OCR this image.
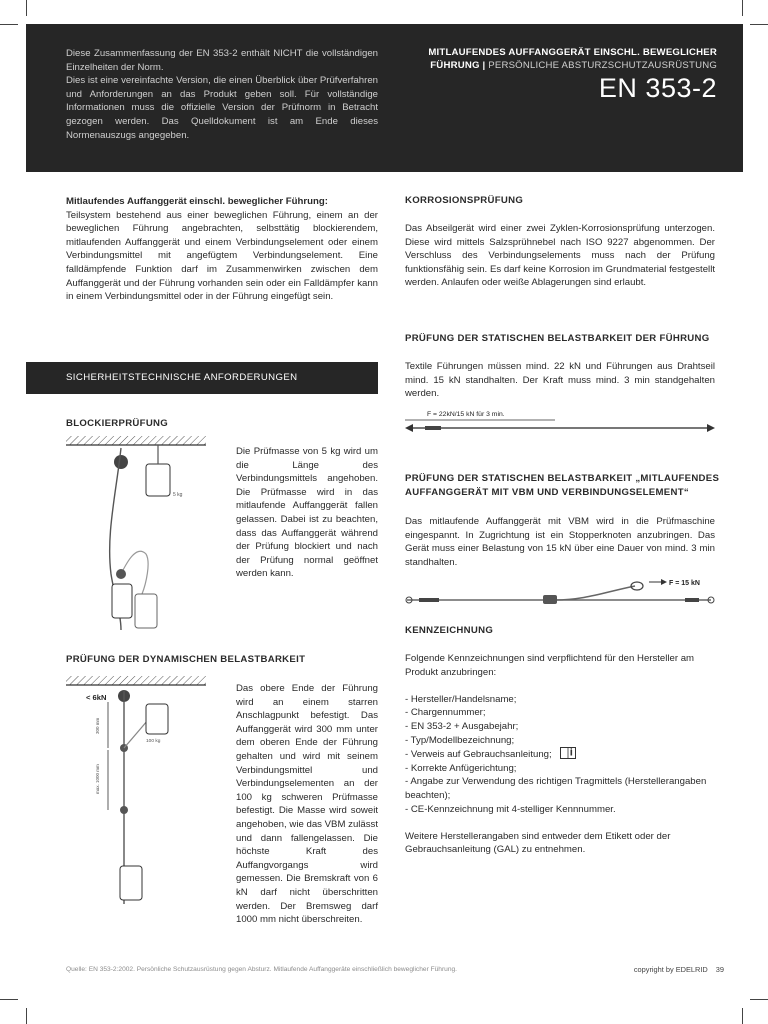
Diese Zusammenfassung der EN 353-2 enthält NICHT die vollständigen Einzelheiten der Norm.

Dies ist eine vereinfachte Version, die einen Überblick über Prüfverfahren und Anforderungen an das Produkt geben soll. Für vollständige Informationen muss die offizielle Version der Prüfnorm in Betracht gezogen werden. Das Quelldokument ist am Ende dieses Normenauszugs angegeben.

MITLAUFENDES AUFFANGGERÄT EINSCHL. BEWEGLICHER FÜHRUNG | PERSÖNLICHE ABSTURZSCHUTZAUSRÜSTUNG
EN 353-2
Mitlaufendes Auffanggerät einschl. beweglicher Führung:
Teilsystem bestehend aus einer beweglichen Führung, einem an der beweglichen Führung angebrachten, selbsttätig blockierendem, mitlaufenden Auffanggerät und einem Verbindungselement oder einem Verbindungsmittel mit angefügtem Verbindungselement. Eine falldämpfende Funktion darf im Zusammenwirken zwischen dem Auffanggerät und der Führung vorhanden sein oder ein Falldämpfer kann in einem Verbindungsmittel oder in der Führung eingefügt sein.
SICHERHEITSTECHNISCHE ANFORDERUNGEN
BLOCKIERPRÜFUNG
5 kg
Die Prüfmasse von 5 kg wird um die Länge des Verbindungsmittels angehoben. Die Prüfmasse wird in das mitlaufende Auffanggerät fallen gelassen. Dabei ist zu beachten, dass das Auffanggerät während der Prüfung blockiert und nach der Prüfung normal geöffnet werden kann.
PRÜFUNG DER DYNAMISCHEN BELASTBARKEIT
< 6kN
300 mm
max. 1000 mm
100 kg
Das obere Ende der Führung wird an einem starren Anschlagpunkt befestigt. Das Auffanggerät wird 300 mm unter dem oberen Ende der Führung gehalten und wird mit seinem Verbindungsmittel und Verbindungselementen an der 100 kg schweren Prüfmasse befestigt. Die Masse wird soweit angehoben, wie das VBM zulässt und dann fallengelassen. Die höchste Kraft des Auffangvorgangs wird gemessen. Die Bremskraft von 6 kN darf nicht überschritten werden. Der Bremsweg darf 1000 mm nicht überschreiten.
KORROSIONSPRÜFUNG
Das Abseilgerät wird einer zwei Zyklen-Korrosionsprüfung unterzogen. Diese wird mittels Salzsprühnebel nach ISO 9227 abgenommen. Der Verschluss des Verbindungselements muss nach der Prüfung funktionsfähig sein. Es darf keine Korrosion im Grundmaterial festgestellt werden. Anlaufen oder weiße Ablagerungen sind erlaubt.
PRÜFUNG DER STATISCHEN BELASTBARKEIT DER FÜHRUNG
Textile Führungen müssen mind. 22 kN und Führungen aus Drahtseil mind. 15 kN standhalten. Der Kraft muss mind. 3 min standgehalten werden.
F = 22kN/15 kN für 3 min.
PRÜFUNG DER STATISCHEN BELASTBARKEIT „MITLAUFENDES
AUFFANGGERÄT MIT VBM UND VERBINDUNGSELEMENT“
Das mitlaufende Auffanggerät mit VBM wird in die Prüfmaschine eingespannt. In Zugrichtung ist ein Stopperknoten anzubringen. Das Gerät muss einer Belastung von 15 kN über eine Dauer von mind. 3 min standhalten.
F = 15 kN
KENNZEICHNUNG
Folgende Kennzeichnungen sind verpflichtend für den Hersteller am Produkt anzubringen:
- Hersteller/Handelsname;
- Chargennummer;
- EN 353-2 + Ausgabejahr;
- Typ/Modellbezeichnung;
- Verweis auf Gebrauchsanleitung;
- Korrekte Anfügerichtung;
- Angabe zur Verwendung des richtigen Tragmittels (Herstellerangaben beachten);
- CE-Kennzeichnung mit 4-stelliger Kennnummer.
Weitere Herstellerangaben sind entweder dem Etikett oder der Gebrauchsanleitung (GAL) zu entnehmen.
Quelle: EN 353-2:2002. Persönliche Schutzausrüstung gegen Absturz. Mitlaufende Auffanggeräte einschließlich beweglicher Führung.	copyright by EDELRID 39
